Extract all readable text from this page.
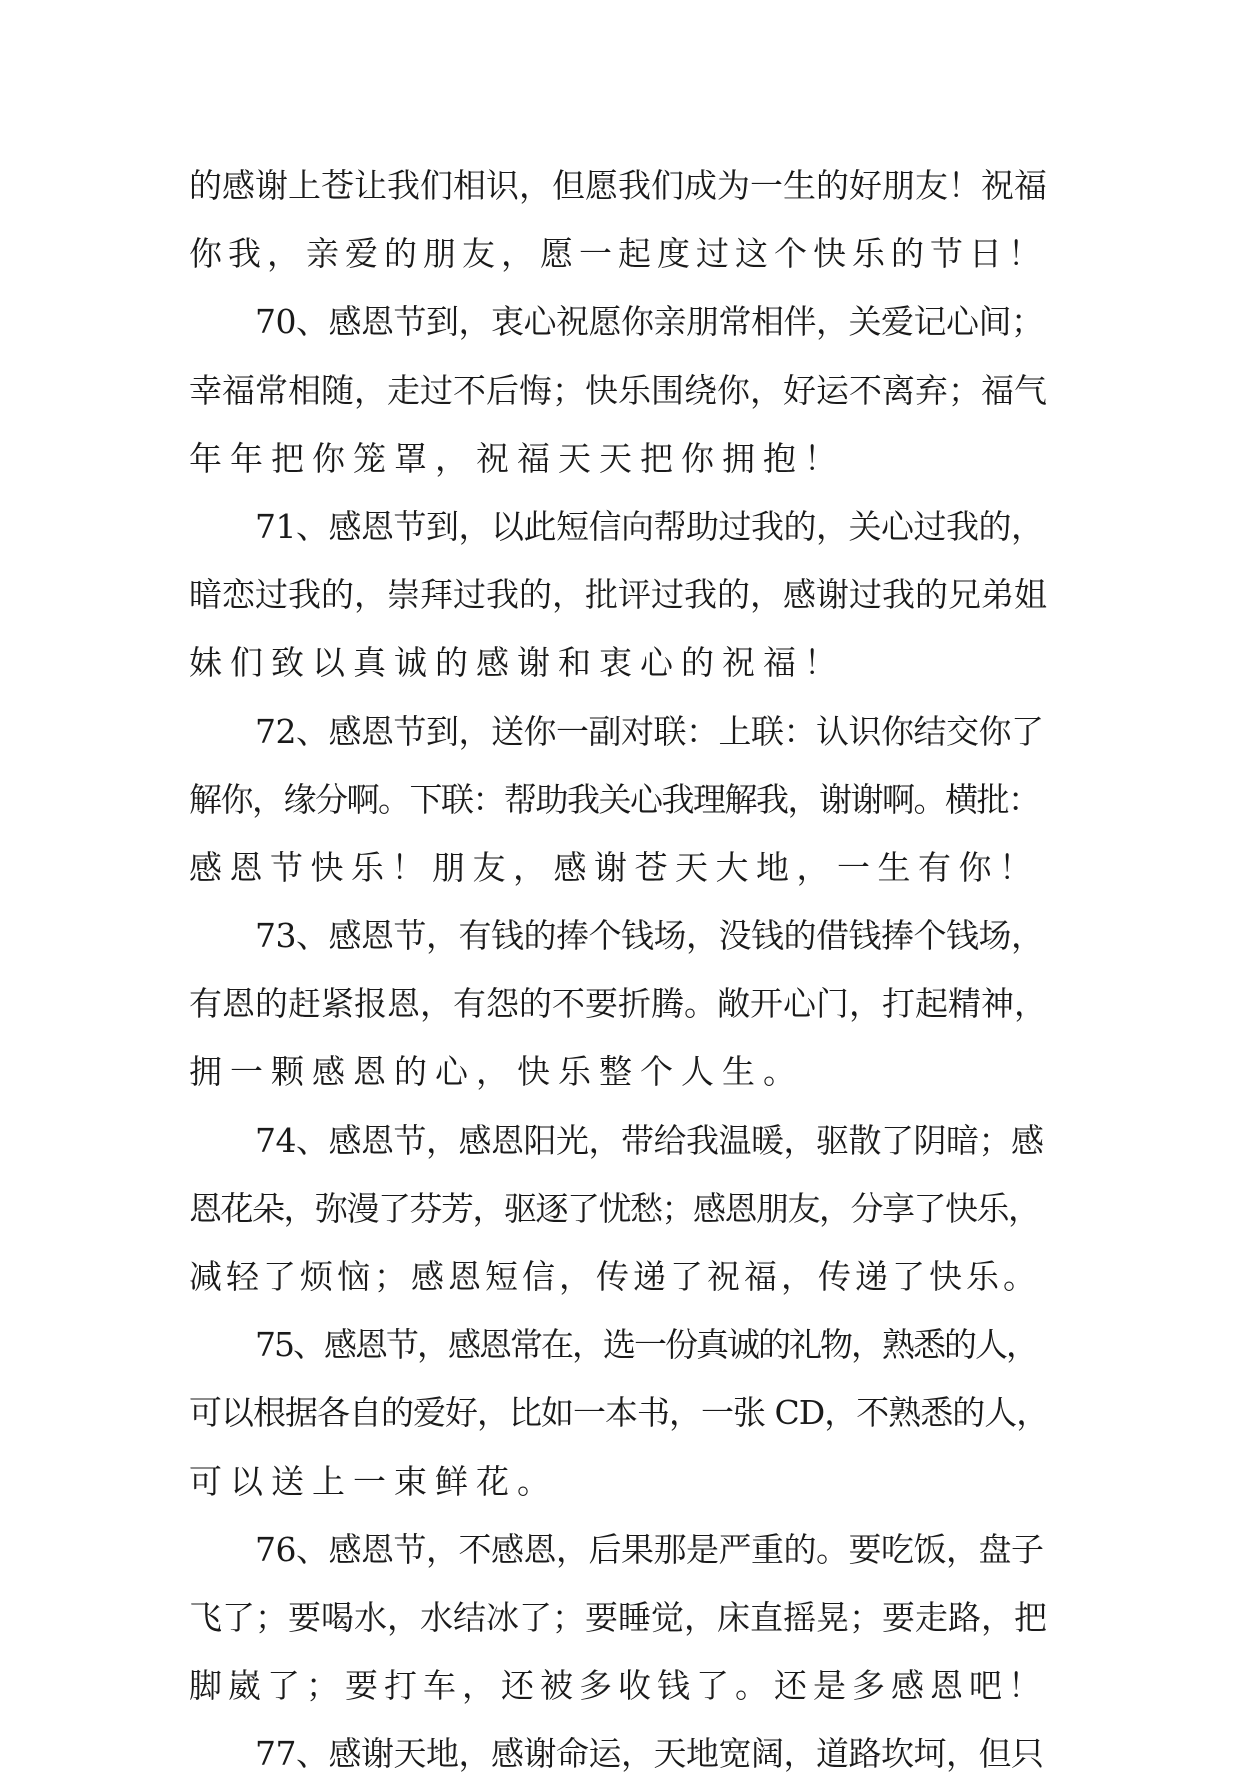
的感谢上苍让我们相识，但愿我们成为一生的好朋友！祝福
你我，亲爱的朋友，愿一起度过这个快乐的节日！
70、感恩节到，衷心祝愿你亲朋常相伴，关爱记心间；
幸福常相随，走过不后悔；快乐围绕你，好运不离弃；福气
年年把你笼罩，祝福天天把你拥抱！
71、感恩节到，以此短信向帮助过我的，关心过我的，
暗恋过我的，崇拜过我的，批评过我的，感谢过我的兄弟姐
妹们致以真诚的感谢和衷心的祝福！
72、感恩节到，送你一副对联：上联：认识你结交你了
解你，缘分啊。下联：帮助我关心我理解我，谢谢啊。横批：
感恩节快乐！朋友，感谢苍天大地，一生有你！
73、感恩节，有钱的捧个钱场，没钱的借钱捧个钱场，
有恩的赶紧报恩，有怨的不要折腾。敞开心门，打起精神，
拥一颗感恩的心，快乐整个人生。
74、感恩节，感恩阳光，带给我温暖，驱散了阴暗；感
恩花朵，弥漫了芬芳，驱逐了忧愁；感恩朋友，分享了快乐，
减轻了烦恼；感恩短信，传递了祝福，传递了快乐。
75、感恩节，感恩常在，选一份真诚的礼物，熟悉的人，
可以根据各自的爱好，比如一本书，一张 CD，不熟悉的人，
可以送上一束鲜花。
76、感恩节，不感恩，后果那是严重的。要吃饭，盘子
飞了；要喝水，水结冰了；要睡觉，床直摇晃；要走路，把
脚崴了；要打车，还被多收钱了。还是多感恩吧！
77、感谢天地，感谢命运，天地宽阔，道路坎坷，但只
